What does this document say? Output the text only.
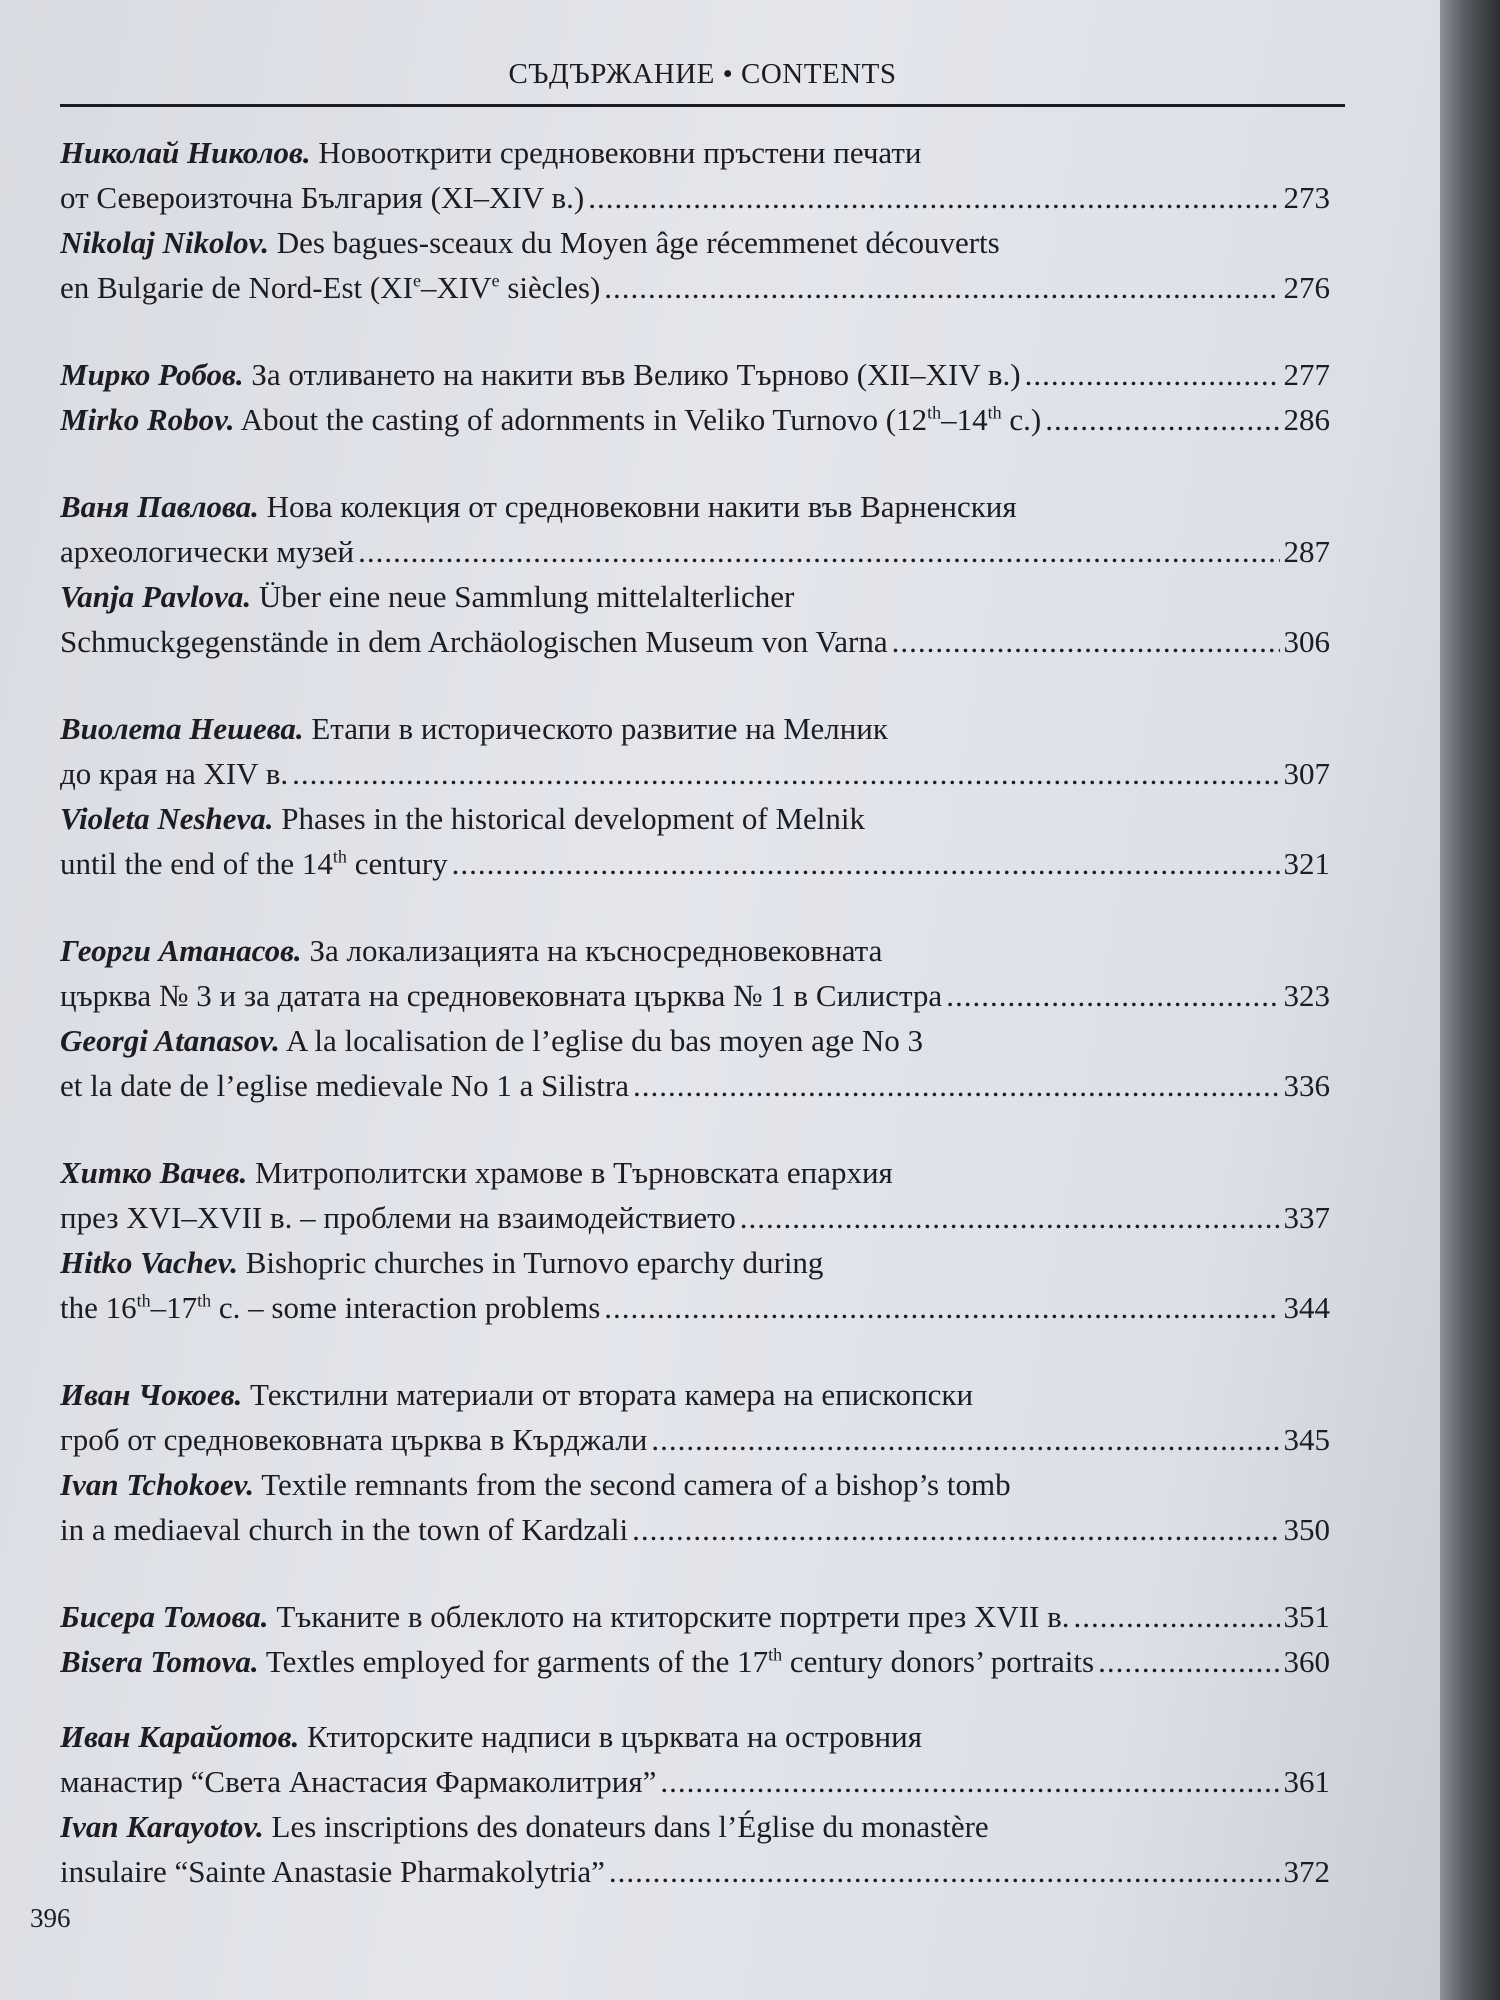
СЪДЪРЖАНИЕ • CONTENTS
Николай Николов. Новооткрити средновековни пръстени печати
от Североизточна България (XI–XIV в.) .....	273
Nikolaj Nikolov. Des bagues-sceaux du Moyen âge récemmenet découverts
en Bulgarie de Nord-Est (XIe–XIVe siècles) .....	276
Мирко Робов. За отливането на накити във Велико Търново (XII–XIV в.) .....	277
Mirko Robov. About the casting of adornments in Veliko Turnovo (12th–14th c.) .....	286
Ваня Павлова. Нова колекция от средновековни накити във Варненския
археологически музей .....	287
Vanja Pavlova. Über eine neue Sammlung mittelalterlicher
Schmuckgegenstände in dem Archäologischen Museum von Varna .....	306
Виолета Нешева. Етапи в историческото развитие на Мелник
до края на XIV в. .....	307
Violeta Nesheva. Phases in the historical development of Melnik
until the end of the 14th century .....	321
Георги Атанасов. За локализацията на късносредновековната
църква № 3 и за датата на средновековната църква № 1 в Силистра .....	323
Georgi Atanasov. A la localisation de l’eglise du bas moyen age No 3
et la date de l’eglise medievale No 1 a Silistra .....	336
Хитко Вачев. Митрополитски храмове в Търновската епархия
през XVI–XVII в. – проблеми на взаимодействието .....	337
Hitko Vachev. Bishopric churches in Turnovo eparchy during
the 16th–17th c. – some interaction problems .....	344
Иван Чокоев. Текстилни материали от втората камера на епископски
гроб от средновековната църква в Кърджали .....	345
Ivan Tchokoev. Textile remnants from the second camera of a bishop’s tomb
in a mediaeval church in the town of Kardzali .....	350
Бисера Томова. Тъканите в облеклото на ктиторските портрети през XVII в. .....	351
Bisera Tomova. Textles employed for garments of the 17th century donors’ portraits .....	360
Иван Карайотов. Ктиторските надписи в църквата на островния
манастир “Света Анастасия Фармаколитрия” .....	361
Ivan Karayotov. Les inscriptions des donateurs dans l’Église du monastère
insulaire “Sainte Anastasie Pharmakolytria” .....	372
396
